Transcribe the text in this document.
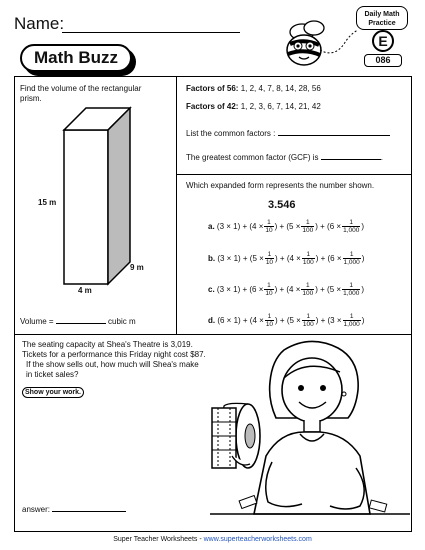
Name:
Math Buzz
Daily Math
Practice
E
086
Find the volume of the rectangular
prism.
15 m
9 m
4 m
Volume =	cubic m
Factors of 56: 1, 2, 4, 7, 8, 14, 28, 56
Factors of 42: 1, 2, 3, 6, 7, 14, 21, 42
List the common factors :
The greatest common factor (GCF) is	.
Which expanded form represents the number shown.
3.546
a. $(3 \times 1) + (4 \times \frac{1}{10}$ ) + ($5 \times \frac{1}{100}$ ) + ($6 \times \frac{1}{1,000}$ )
b. $(3 \times 1) + (5 \times \frac{1}{10}$ ) + ($4 \times \frac{1}{100}$ ) + ($6 \times \frac{1}{1,000}$ )
c. $(3 \times 1) + (6 \times \frac{1}{10}$ ) + ($4 \times \frac{1}{100}$ ) + ($5 \times \frac{1}{1,000}$ )
d. $(6 \times 1) + (4 \times \frac{1}{10}$ ) + ($5 \times \frac{1}{100}$ ) + ($3 \times \frac{1}{1,000}$ )
The seating capacity at Shea's Theatre is 3,019.
Tickets for a performance this Friday night cost $87.
If the show sells out, how much will Shea's make
in ticket sales?
Show your work.
answer:
Super Teacher Worksheets - www.superteacherworksheets.com
